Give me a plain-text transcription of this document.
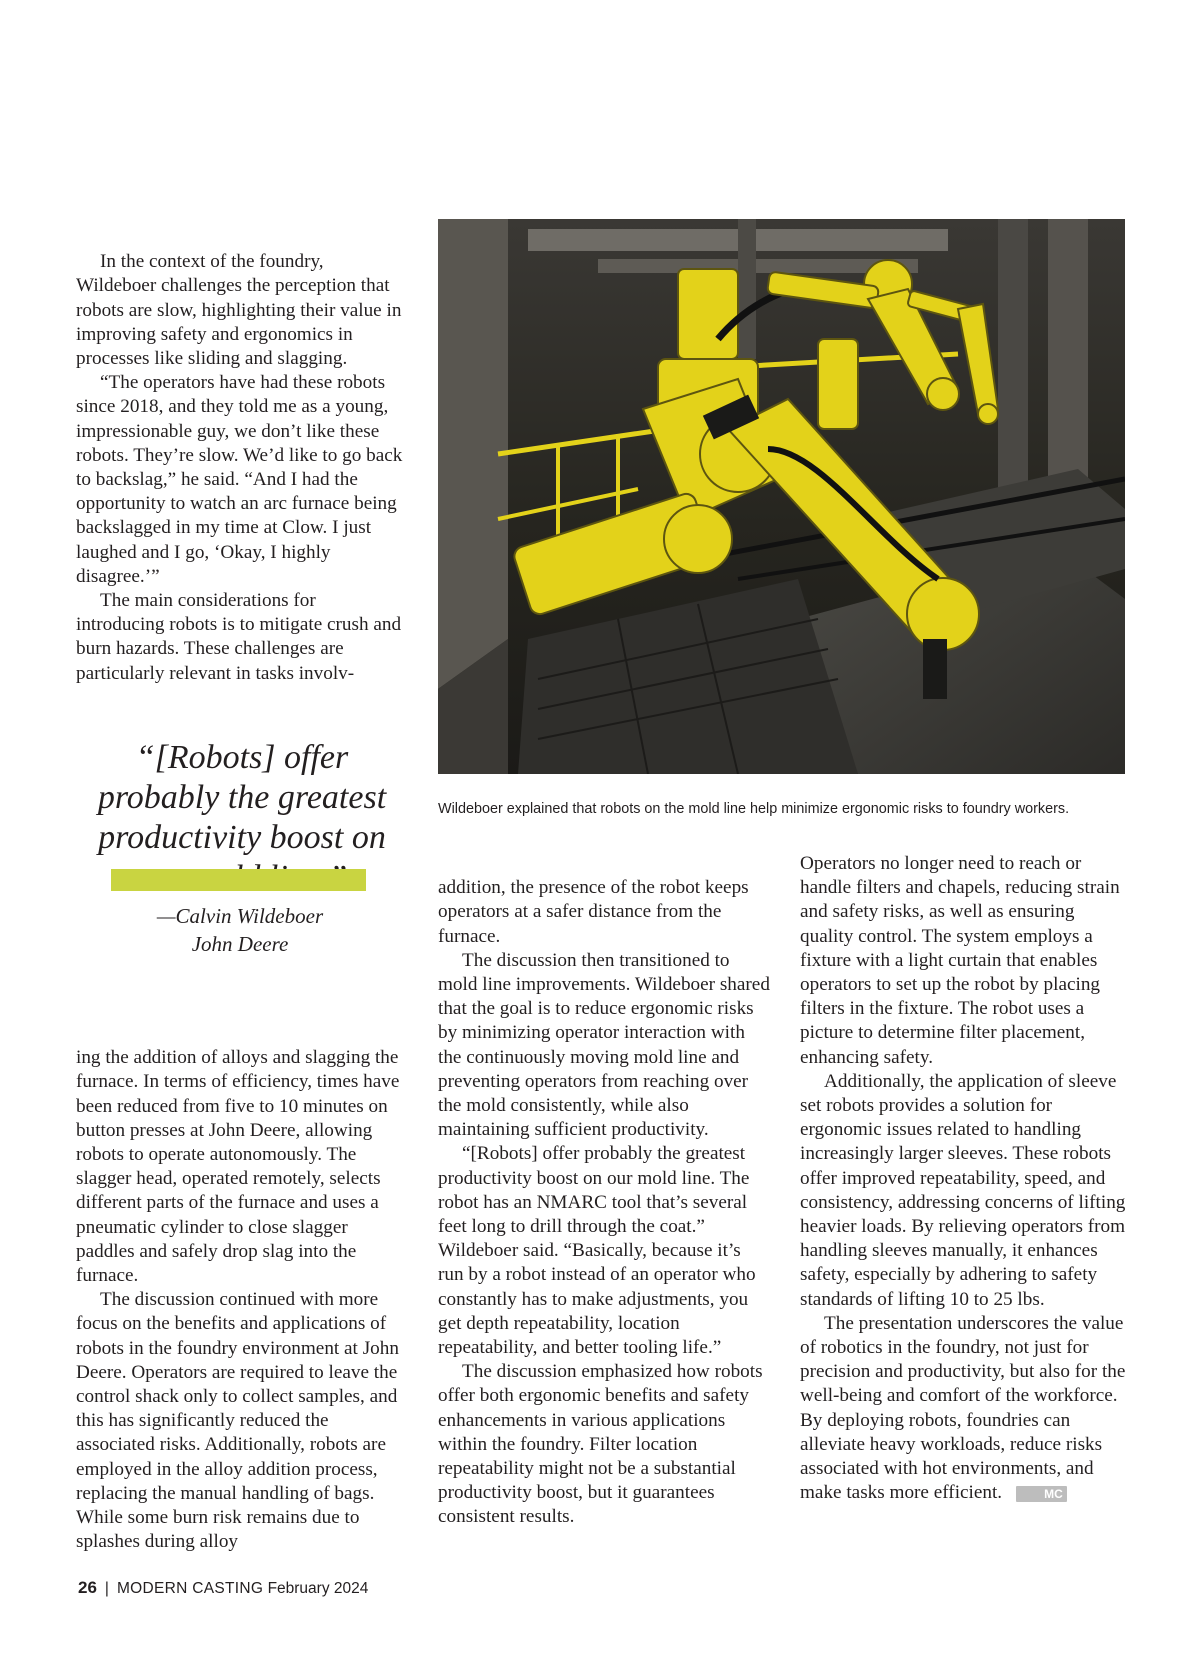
In the context of the foundry, Wildeboer challenges the perception that robots are slow, highlighting their value in improving safety and ergonomics in processes like sliding and slagging.
“The operators have had these robots since 2018, and they told me as a young, impressionable guy, we don’t like these robots. They’re slow. We’d like to go back to backslag,” he said. “And I had the opportunity to watch an arc furnace being backslagged in my time at Clow. I just laughed and I go, ‘Okay, I highly disagree.’”
The main considerations for introducing robots is to mitigate crush and burn hazards. These challenges are particularly relevant in tasks involv-

“[Robots] offer probably the greatest productivity boost on

—Calvin Wildeboer
John Deere

ing the addition of alloys and slagging the furnace. In terms of efficiency, times have been reduced from five to 10 minutes on button presses at John Deere, allowing robots to operate autonomously. The slagger head, operated remotely, selects different parts of the furnace and uses a pneumatic cylinder to close slagger paddles and safely drop slag into the furnace.
The discussion continued with more focus on the benefits and applications of robots in the foundry environment at John Deere. Operators are required to leave the control shack only to collect samples, and this has significantly reduced the associated risks. Additionally, robots are employed in the alloy addition process, replacing the manual handling of bags. While some burn risk remains due to splashes during alloy

Wildeboer explained that robots on the mold line help minimize ergonomic risks to foundry workers.

addition, the presence of the robot keeps operators at a safer distance from the furnace.
The discussion then transitioned to mold line improvements. Wildeboer shared that the goal is to reduce ergonomic risks by minimizing operator interaction with the continuously moving mold line and preventing operators from reaching over the mold consistently, while also maintaining sufficient productivity.
“[Robots] offer probably the greatest productivity boost on our mold line. The robot has an NMARC tool that’s several feet long to drill through the coat.” Wildeboer said. “Basically, because it’s run by a robot instead of an operator who constantly has to make adjustments, you get depth repeatability, location repeatability, and better tooling life.”
The discussion emphasized how robots offer both ergonomic benefits and safety enhancements in various applications within the foundry. Filter location repeatability might not be a substantial productivity boost, but it guarantees consistent results.

Operators no longer need to reach or handle filters and chapels, reducing strain and safety risks, as well as ensuring quality control. The system employs a fixture with a light curtain that enables operators to set up the robot by placing filters in the fixture. The robot uses a picture to determine filter placement, enhancing safety.
Additionally, the application of sleeve set robots provides a solution for ergonomic issues related to handling increasingly larger sleeves. These robots offer improved repeatability, speed, and consistency, addressing concerns of lifting heavier loads. By relieving operators from handling sleeves manually, it enhances safety, especially by adhering to safety standards of lifting 10 to 25 lbs.
The presentation underscores the value of robotics in the foundry, not just for precision and productivity, but also for the well-being and comfort of the workforce. By deploying robots, foundries can alleviate heavy workloads, reduce risks associated with hot environments, and make tasks more efficient.	MC

26 | MODERN CASTING February 2024
